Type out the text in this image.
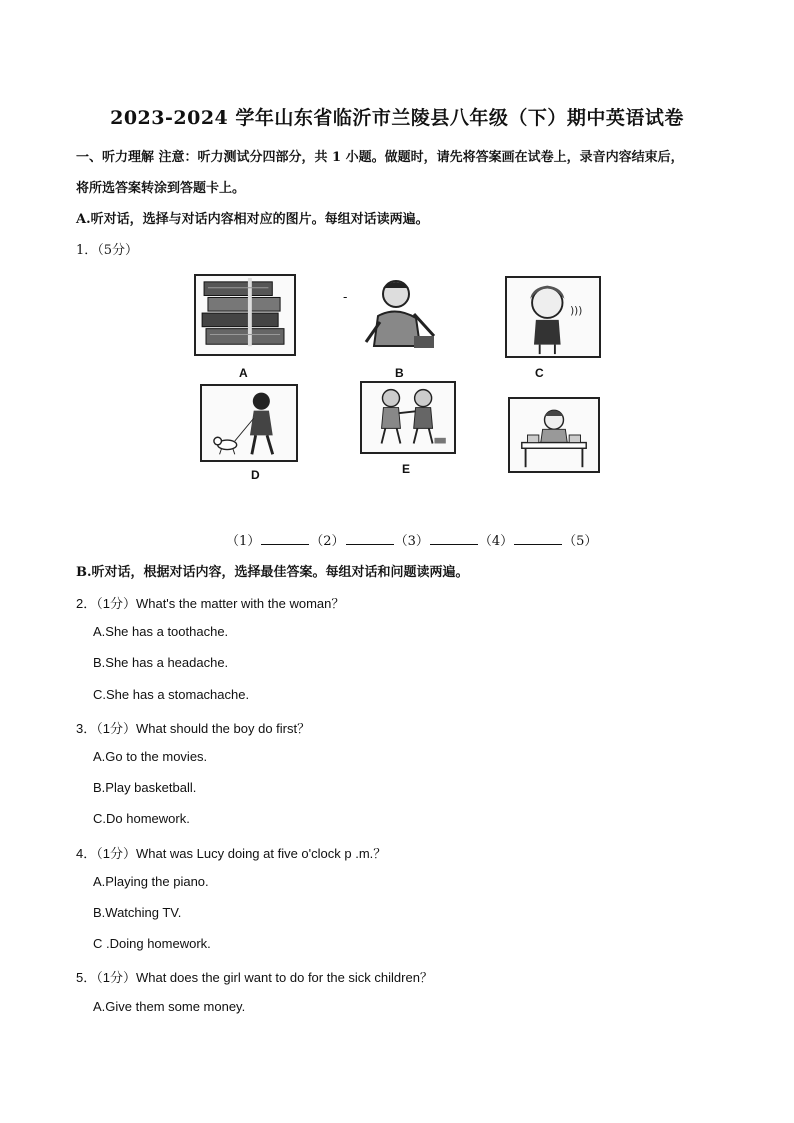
2023-2024 学年山东省临沂市兰陵县八年级（下）期中英语试卷
一、听力理解 注意：听力测试分四部分，共 1 小题。做题时，请先将答案画在试卷上，录音内容结束后，
将所选答案转涂到答题卡上。
A.听对话，选择与对话内容相对应的图片。每组对话读两遍。
1．（5分）
A
-
B
)))
C
D	E
（1）	（2）	（3）	（4）	（5）
B.听对话，根据对话内容，选择最佳答案。每组对话和问题读两遍。
2．（1分）What's the matter with the woman？
A.She has a toothache.
B.She has a headache.
C.She has a stomachache.
3．（1分）What should the boy do first？
A.Go to the movies.
B.Play basketball.
C.Do homework.
4．（1分）What was Lucy doing at five o'clock p .m.？
A.Playing the piano.
B.Watching TV.
C .Doing homework.
5．（1分）What does the girl want to do for the sick children？
A.Give them some money.
